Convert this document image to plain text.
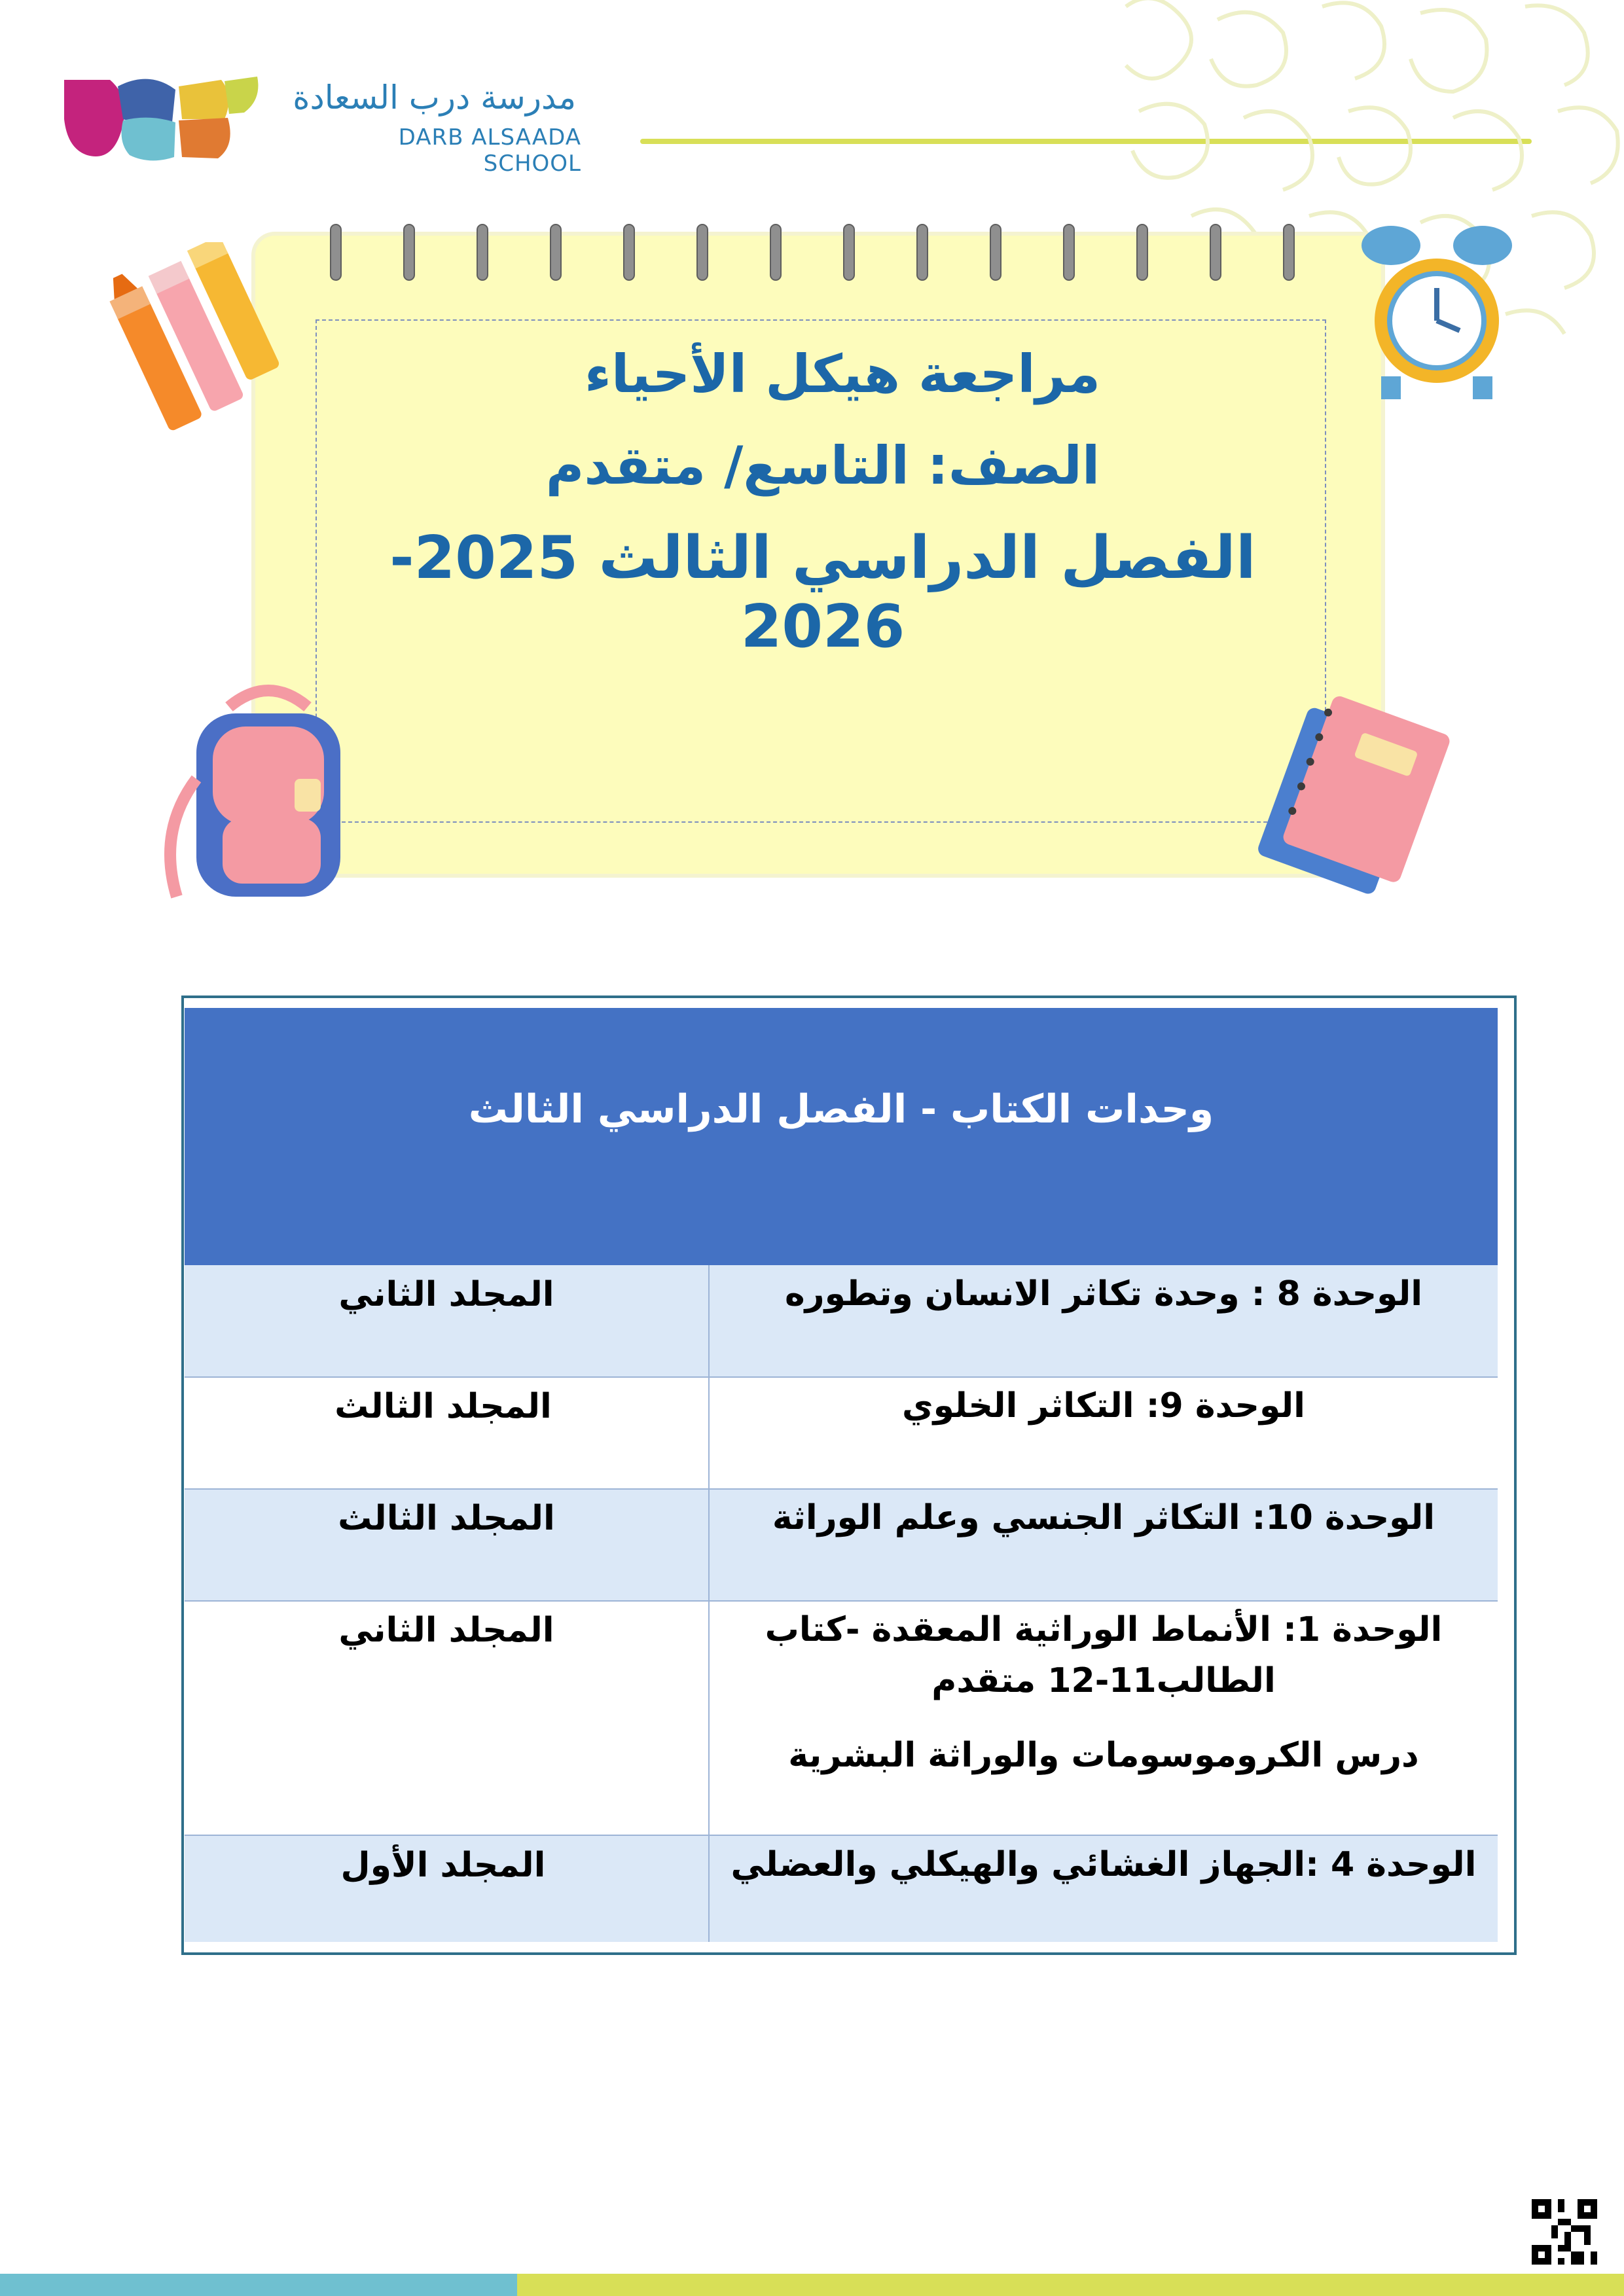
مدرسة درب السعادة
DARB ALSAADA SCHOOL
مراجعة هيكل الأحياء
الصف: التاسع/ متقدم
الفصل الدراسي الثالث 2025-2026
وحدات الكتاب - الفصل الدراسي الثالث
الوحدة 8 : وحدة تكاثر الانسان وتطوره
المجلد الثاني
الوحدة 9: التكاثر الخلوي
المجلد الثالث
الوحدة 10: التكاثر الجنسي وعلم الوراثة
المجلد الثالث
الوحدة 1: الأنماط الوراثية المعقدة -كتاب
الطالب11-12 متقدم
درس الكروموسومات والوراثة البشرية
المجلد الثاني
الوحدة 4 :الجهاز الغشائي والهيكلي والعضلي
المجلد الأول
